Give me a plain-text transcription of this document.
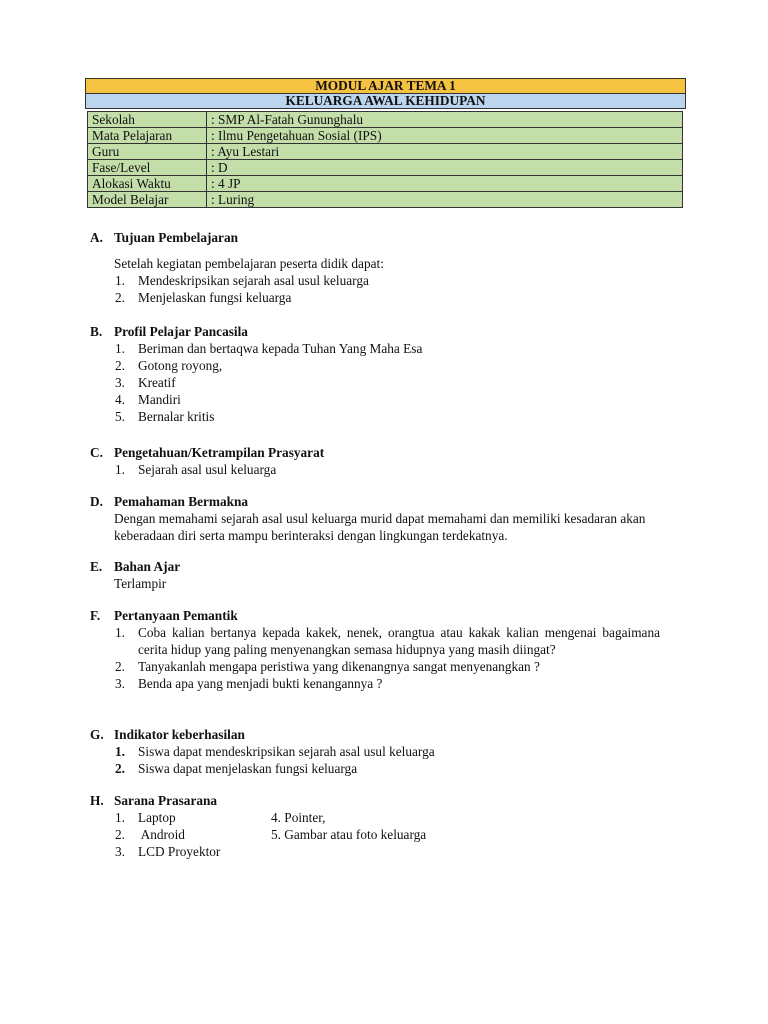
MODUL AJAR TEMA 1
KELUARGA AWAL KEHIDUPAN
Sekolah	: SMP Al-Fatah Gununghalu
Mata Pelajaran	: Ilmu Pengetahuan Sosial (IPS)
Guru	: Ayu Lestari
Fase/Level	: D
Alokasi Waktu	: 4 JP
Model Belajar	: Luring
A. Tujuan Pembelajaran
Setelah kegiatan pembelajaran peserta didik dapat:
1. Mendeskripsikan sejarah asal usul keluarga
2. Menjelaskan fungsi keluarga
B. Profil Pelajar Pancasila
1. Beriman dan bertaqwa kepada Tuhan Yang Maha Esa
2. Gotong royong,
3. Kreatif
4. Mandiri
5. Bernalar kritis
C. Pengetahuan/Ketrampilan Prasyarat
1. Sejarah asal usul keluarga
D. Pemahaman Bermakna
Dengan memahami sejarah asal usul keluarga murid dapat memahami dan memiliki kesadaran akan keberadaan diri serta mampu berinteraksi dengan lingkungan terdekatnya.
E. Bahan Ajar
Terlampir
F. Pertanyaan Pemantik
1. Coba kalian bertanya kepada kakek, nenek, orangtua atau kakak kalian mengenai bagaimana cerita hidup yang paling menyenangkan semasa hidupnya yang masih diingat?
2. Tanyakanlah mengapa peristiwa yang dikenangnya sangat menyenangkan ?
3. Benda apa yang menjadi bukti kenangannya ?
G. Indikator keberhasilan
1. Siswa dapat mendeskripsikan sejarah asal usul keluarga
2. Siswa dapat menjelaskan fungsi keluarga
H. Sarana Prasarana
1. Laptop	4. Pointer,
2. Android	5. Gambar atau foto keluarga
3. LCD Proyektor
